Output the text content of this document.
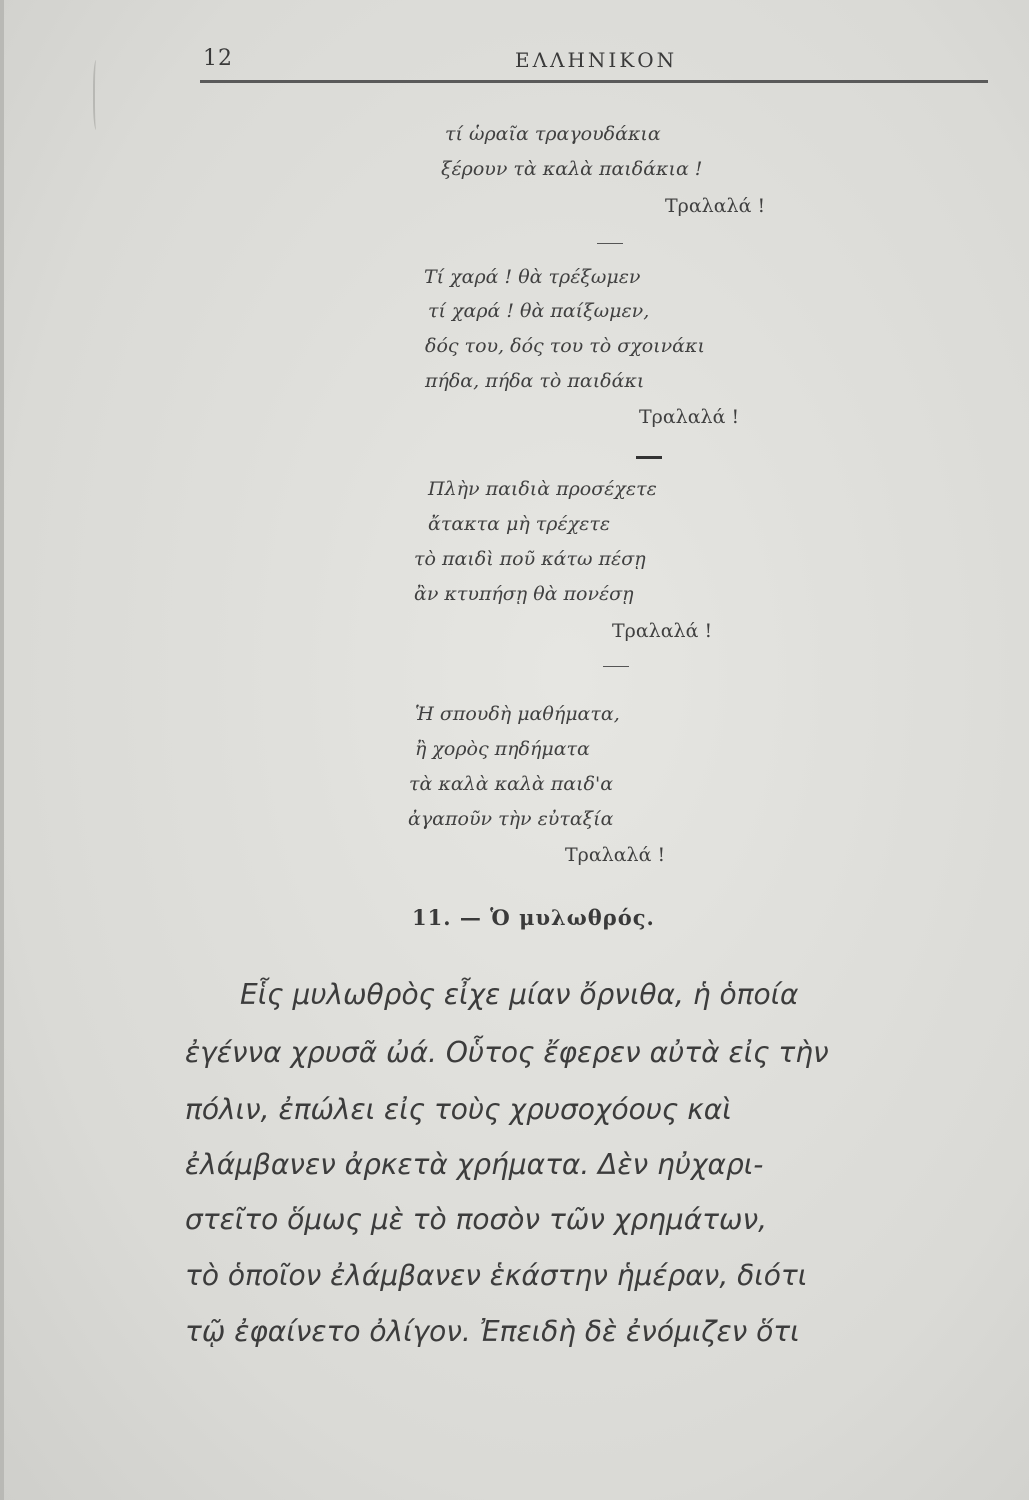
12	ΕΛΛΗΝΙΚΟΝ
τί ὡραῖα τραγουδάκια
ξέρουν τὰ καλὰ παιδάκια !
Τραλαλά !
Τί χαρά ! θὰ τρέξωμεν
τί χαρά ! θὰ παίξωμεν,
δός του, δός του τὸ σχοινάκι
πήδα, πήδα τὸ παιδάκι
Τραλαλά !
Πλὴν παιδιὰ προσέχετε
ἄτακτα μὴ τρέχετε
τὸ παιδὶ ποῦ κάτω πέσῃ
ἂν κτυπήσῃ θὰ πονέσῃ
Τραλαλά !
Ἡ σπουδὴ μαθήματα,
ἢ χορὸς πηδήματα
τὰ καλὰ καλὰ παιδ'α
ἀγαποῦν τὴν εὐταξία
Τραλαλά !
11. — Ὁ μυλωθρός.
Εἷς μυλωθρὸς εἶχε μίαν ὄρνιθα, ἡ ὁποία
ἐγέννα χρυσᾶ ὠά. Οὗτος ἔφερεν αὐτὰ εἰς τὴν
πόλιν, ἐπώλει εἰς τοὺς χρυσοχόους καὶ
ἐλάμβανεν ἀρκετὰ χρήματα. Δὲν ηὐχαρι-
στεῖτο ὅμως μὲ τὸ ποσὸν τῶν χρημάτων,
τὸ ὁποῖον ἐλάμβανεν ἑκάστην ἡμέραν, διότι
τῷ ἐφαίνετο ὀλίγον. Ἐπειδὴ δὲ ἐνόμιζεν ὅτι
